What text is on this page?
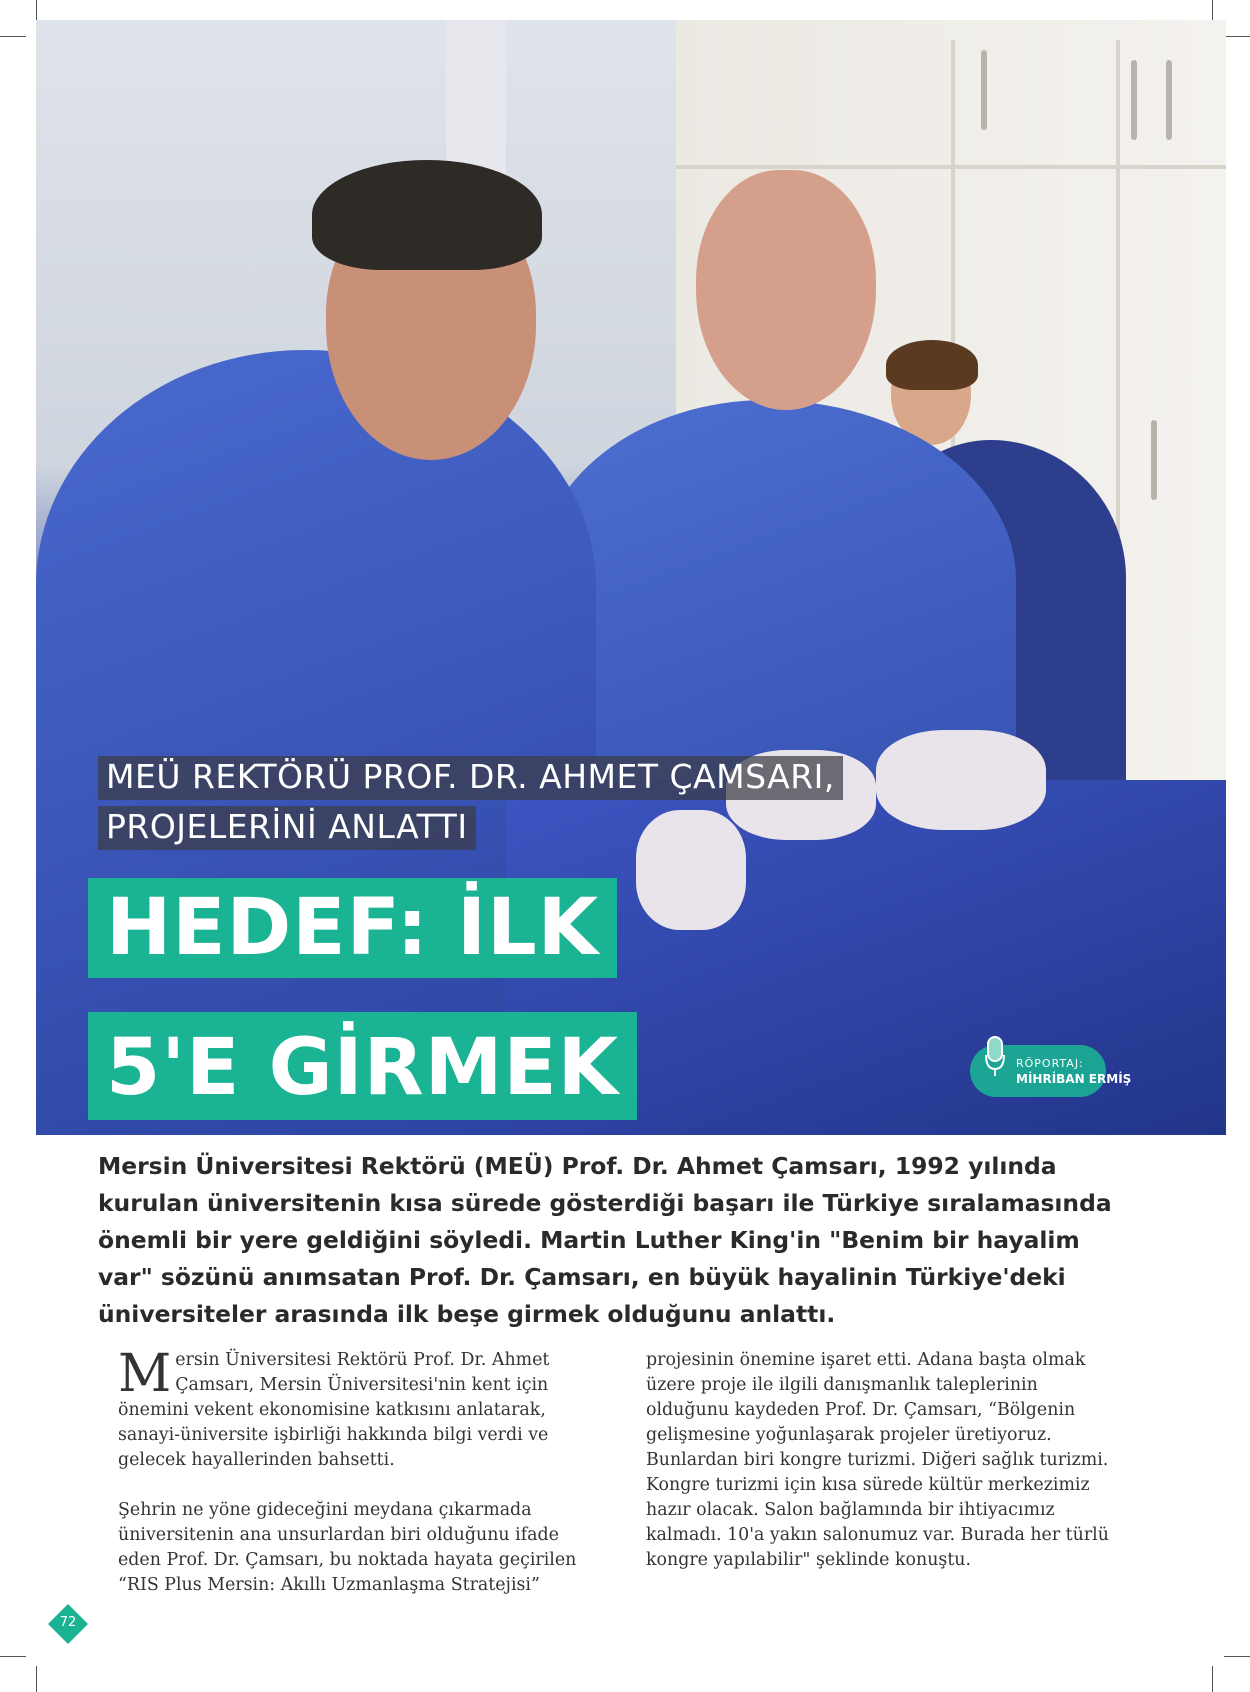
MEÜ REKTÖRÜ PROF. DR. AHMET ÇAMSARI,
PROJELERİNİ ANLATTI
HEDEF: İLK
5'E GİRMEK	RÖPORTAJ:
MİHRİBAN ERMİŞ
Mersin Üniversitesi Rektörü (MEÜ) Prof. Dr. Ahmet Çamsarı, 1992 yılında kurulan üniversitenin kısa sürede gösterdiği başarı ile Türkiye sıralamasında önemli bir yere geldiğini söyledi. Martin Luther King'in "Benim bir hayalim var" sözünü anımsatan Prof. Dr. Çamsarı, en büyük hayalinin Türkiye'deki üniversiteler arasında ilk beşe girmek olduğunu anlattı.

Mersin Üniversitesi Rektörü Prof. Dr. Ahmet Çamsarı, Mersin Üniversitesi'nin kent için önemini vekent ekonomisine katkısını anlatarak, sanayi-üniversite işbirliği hakkında bilgi verdi ve gelecek hayallerinden bahsetti.

Şehrin ne yöne gideceğini meydana çıkarmada üniversitenin ana unsurlardan biri olduğunu ifade eden Prof. Dr. Çamsarı, bu noktada hayata geçirilen “RIS Plus Mersin: Akıllı Uzmanlaşma Stratejisi”

projesinin önemine işaret etti. Adana başta olmak üzere proje ile ilgili danışmanlık taleplerinin olduğunu kaydeden Prof. Dr. Çamsarı, “Bölgenin gelişmesine yoğunlaşarak projeler üretiyoruz. Bunlardan biri kongre turizmi. Diğeri sağlık turizmi. Kongre turizmi için kısa sürede kültür merkezimiz hazır olacak. Salon bağlamında bir ihtiyacımız kalmadı. 10'a yakın salonumuz var. Burada her türlü kongre yapılabilir" şeklinde konuştu.

72
